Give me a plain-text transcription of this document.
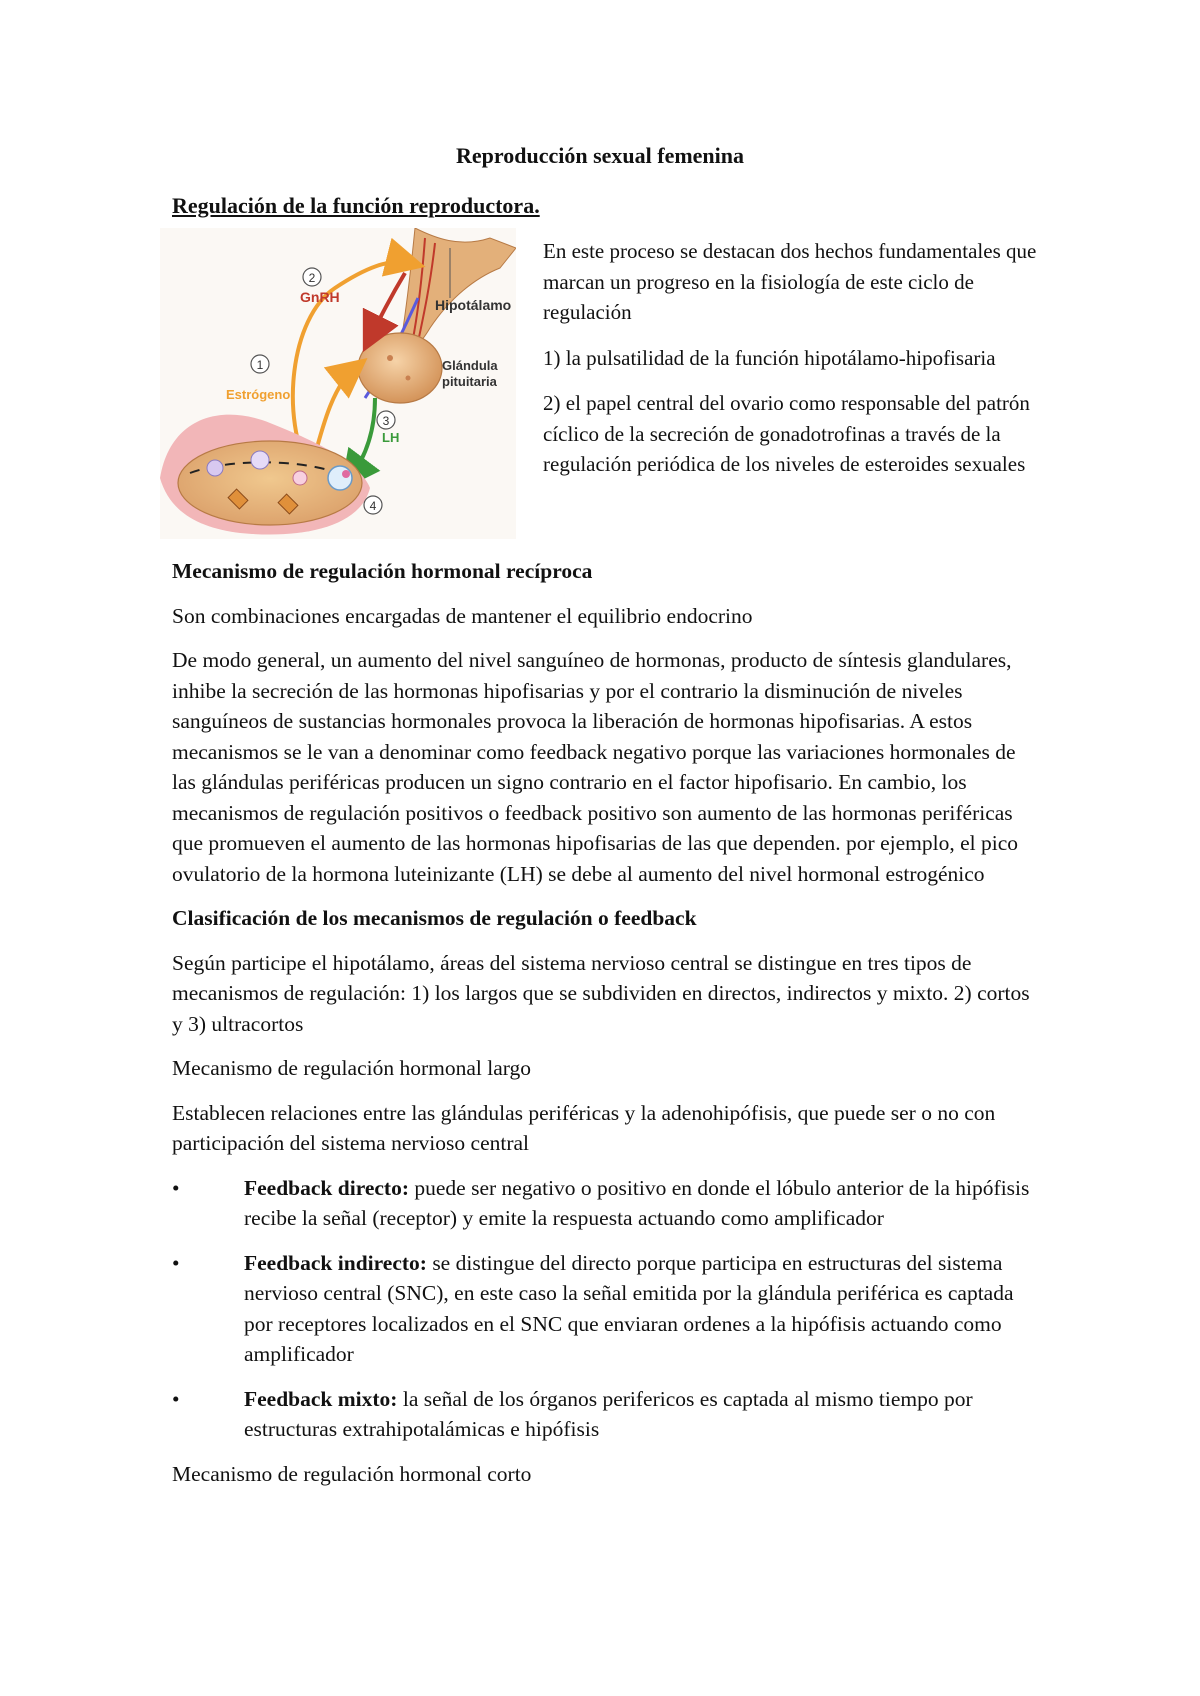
Reproducción sexual femenina
Regulación de la función reproductora.
1
2
3
4
GnRH	Hipotálamo
Glándula
pituitaria
Estrógeno
LH

En este proceso se destacan dos hechos fundamentales que marcan un progreso en la fisiología de este ciclo de regulación

1) la pulsatilidad de la función hipotálamo-hipofisaria

2) el papel central del ovario como responsable del patrón cíclico de la secreción de gonadotrofinas a través de la regulación periódica de los niveles de esteroides sexuales

Mecanismo de regulación hormonal recíproca

Son combinaciones encargadas de mantener el equilibrio endocrino

De modo general, un aumento del nivel sanguíneo de hormonas, producto de síntesis glandulares, inhibe la secreción de las hormonas hipofisarias y por el contrario la disminución de niveles sanguíneos de sustancias hormonales provoca la liberación de hormonas hipofisarias. A estos mecanismos se le van a denominar como feedback negativo porque las variaciones hormonales de las glándulas periféricas producen un signo contrario en el factor hipofisario. En cambio, los mecanismos de regulación positivos o feedback positivo son aumento de las hormonas periféricas que promueven el aumento de las hormonas hipofisarias de las que dependen. por ejemplo, el pico ovulatorio de la hormona luteinizante (LH) se debe al aumento del nivel hormonal estrogénico

Clasificación de los mecanismos de regulación o feedback

Según participe el hipotálamo, áreas del sistema nervioso central se distingue en tres tipos de mecanismos de regulación: 1) los largos que se subdividen en directos, indirectos y mixto. 2) cortos y 3) ultracortos

Mecanismo de regulación hormonal largo

Establecen relaciones entre las glándulas periféricas y la adenohipófisis, que puede ser o no con participación del sistema nervioso central

•	Feedback directo: puede ser negativo o positivo en donde el lóbulo anterior de la hipófisis recibe la señal (receptor) y emite la respuesta actuando como amplificador

•	Feedback indirecto: se distingue del directo porque participa en estructuras del sistema nervioso central (SNC), en este caso la señal emitida por la glándula periférica es captada por receptores localizados en el SNC que enviaran ordenes a la hipófisis actuando como amplificador

•	Feedback mixto: la señal de los órganos perifericos es captada al mismo tiempo por estructuras extrahipotalámicas e hipófisis

Mecanismo de regulación hormonal corto
